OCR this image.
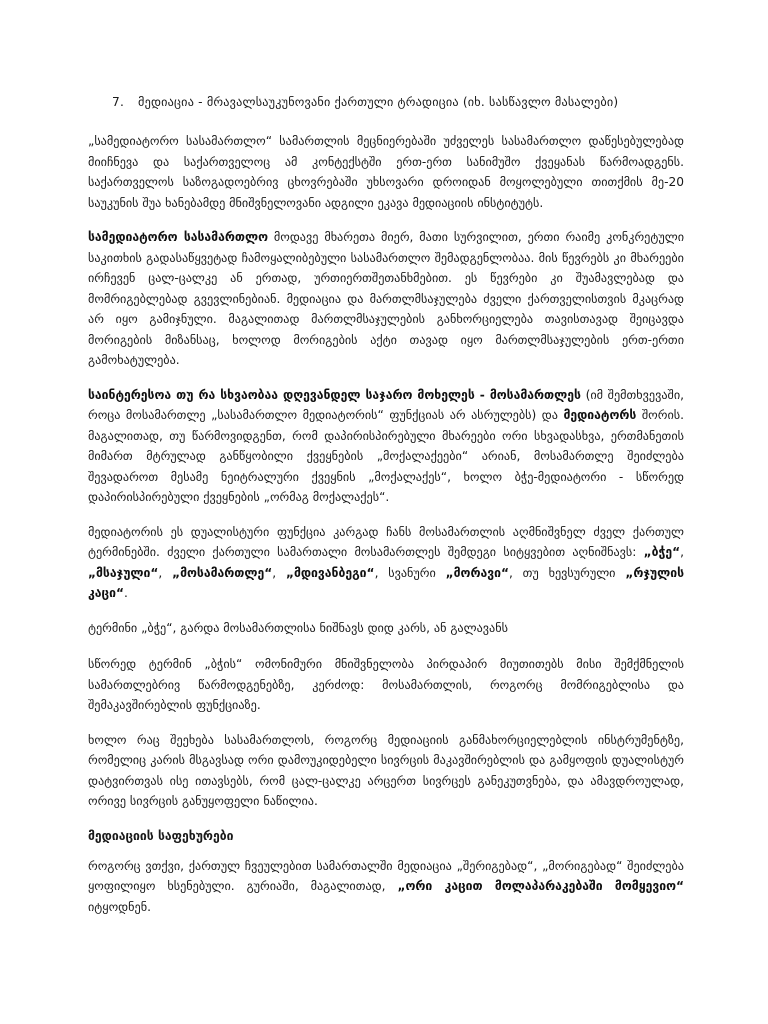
7. მედიაცია - მრავალსაუკუნოვანი ქართული ტრადიცია (იხ. სასწავლო მასალები)

„სამედიატორო სასამართლო“ სამართლის მეცნიერებაში უძველეს სასამართლო დაწესებულებად მიიჩნევა და საქართველოც ამ კონტექსტში ერთ-ერთ სანიმუშო ქვეყანას წარმოადგენს. საქართველოს საზოგადოებრივ ცხოვრებაში უხსოვარი დროიდან მოყოლებული თითქმის მე-20 საუკუნის შუა ხანებამდე მნიშვნელოვანი ადგილი ეკავა მედიაციის ინსტიტუტს.

სამედიატორო სასამართლო მოდავე მხარეთა მიერ, მათი სურვილით, ერთი რაიმე კონკრეტული საკითხის გადასაწყვეტად ჩამოყალიბებული სასამართლო შემადგენლობაა. მის წევრებს კი მხარეები ირჩევენ ცალ-ცალკე ან ერთად, ურთიერთშეთანხმებით. ეს წევრები კი შუამავლებად და მომრიგებლებად გვევლინებიან. მედიაცია და მართლმსაჯულება ძველი ქართველისთვის მკაცრად არ იყო გამიჯნული. მაგალითად მართლმსაჯულების განხორციელება თავისთავად შეიცავდა მორიგების მიზანსაც, ხოლოდ მორიგების აქტი თავად იყო მართლმსაჯულების ერთ-ერთი გამოხატულება.

საინტერესოა თუ რა სხვაობაა დღევანდელ საჯარო მოხელეს - მოსამართლეს (იმ შემთხვევაში, როცა მოსამართლე „სასამართლო მედიატორის“ ფუნქციას არ ასრულებს) და მედიატორს შორის. მაგალითად, თუ წარმოვიდგენთ, რომ დაპირისპირებული მხარეები ორი სხვადასხვა, ერთმანეთის მიმართ მტრულად განწყობილი ქვეყნების „მოქალაქეები“ არიან, მოსამართლე შეიძლება შევადაროთ მესამე ნეიტრალური ქვეყნის „მოქალაქეს“, ხოლო ბჭე-მედიატორი - სწორედ დაპირისპირებული ქვეყნების „ორმაგ მოქალაქეს“.

მედიატორის ეს დუალისტური ფუნქცია კარგად ჩანს მოსამართლის აღმნიშვნელ ძველ ქართულ ტერმინებში. ძველი ქართული სამართალი მოსამართლეს შემდეგი სიტყვებით აღნიშნავს: „ბჭე“, „მსაჯული“, „მოსამართლე“, „მდივანბეგი“, სვანური „მორავი“, თუ ხევსურული „რჯულის კაცი“.

ტერმინი „ბჭე“, გარდა მოსამართლისა ნიშნავს დიდ კარს, ან გალავანს

სწორედ ტერმინ „ბჭის“ ომონიმური მნიშვნელობა პირდაპირ მიუთითებს მისი შემქმნელის სამართლებრივ წარმოდგენებზე, კერძოდ: მოსამართლის, როგორც მომრიგებლისა და შემაკავშირებლის ფუნქციაზე.

ხოლო რაც შეეხება სასამართლოს, როგორც მედიაციის განმახორციელებლის ინსტრუმენტზე, რომელიც კარის მსგავსად ორი დამოუკიდებელი სივრცის მაკავშირებლის და გამყოფის დუალისტურ დატვირთვას ისე ითავსებს, რომ ცალ-ცალკე არცერთ სივრცეს განეკუთვნება, და ამავდროულად, ორივე სივრცის განუყოფელი ნაწილია.

მედიაციის საფეხურები

როგორც ვთქვი, ქართულ ჩვეულებით სამართალში მედიაცია „შერიგებად“, „მორიგებად“ შეიძლება ყოფილიყო ხსენებული. გურიაში, მაგალითად, „ორი კაცით მოლაპარაკებაში მომყევიო“ იტყოდნენ.
